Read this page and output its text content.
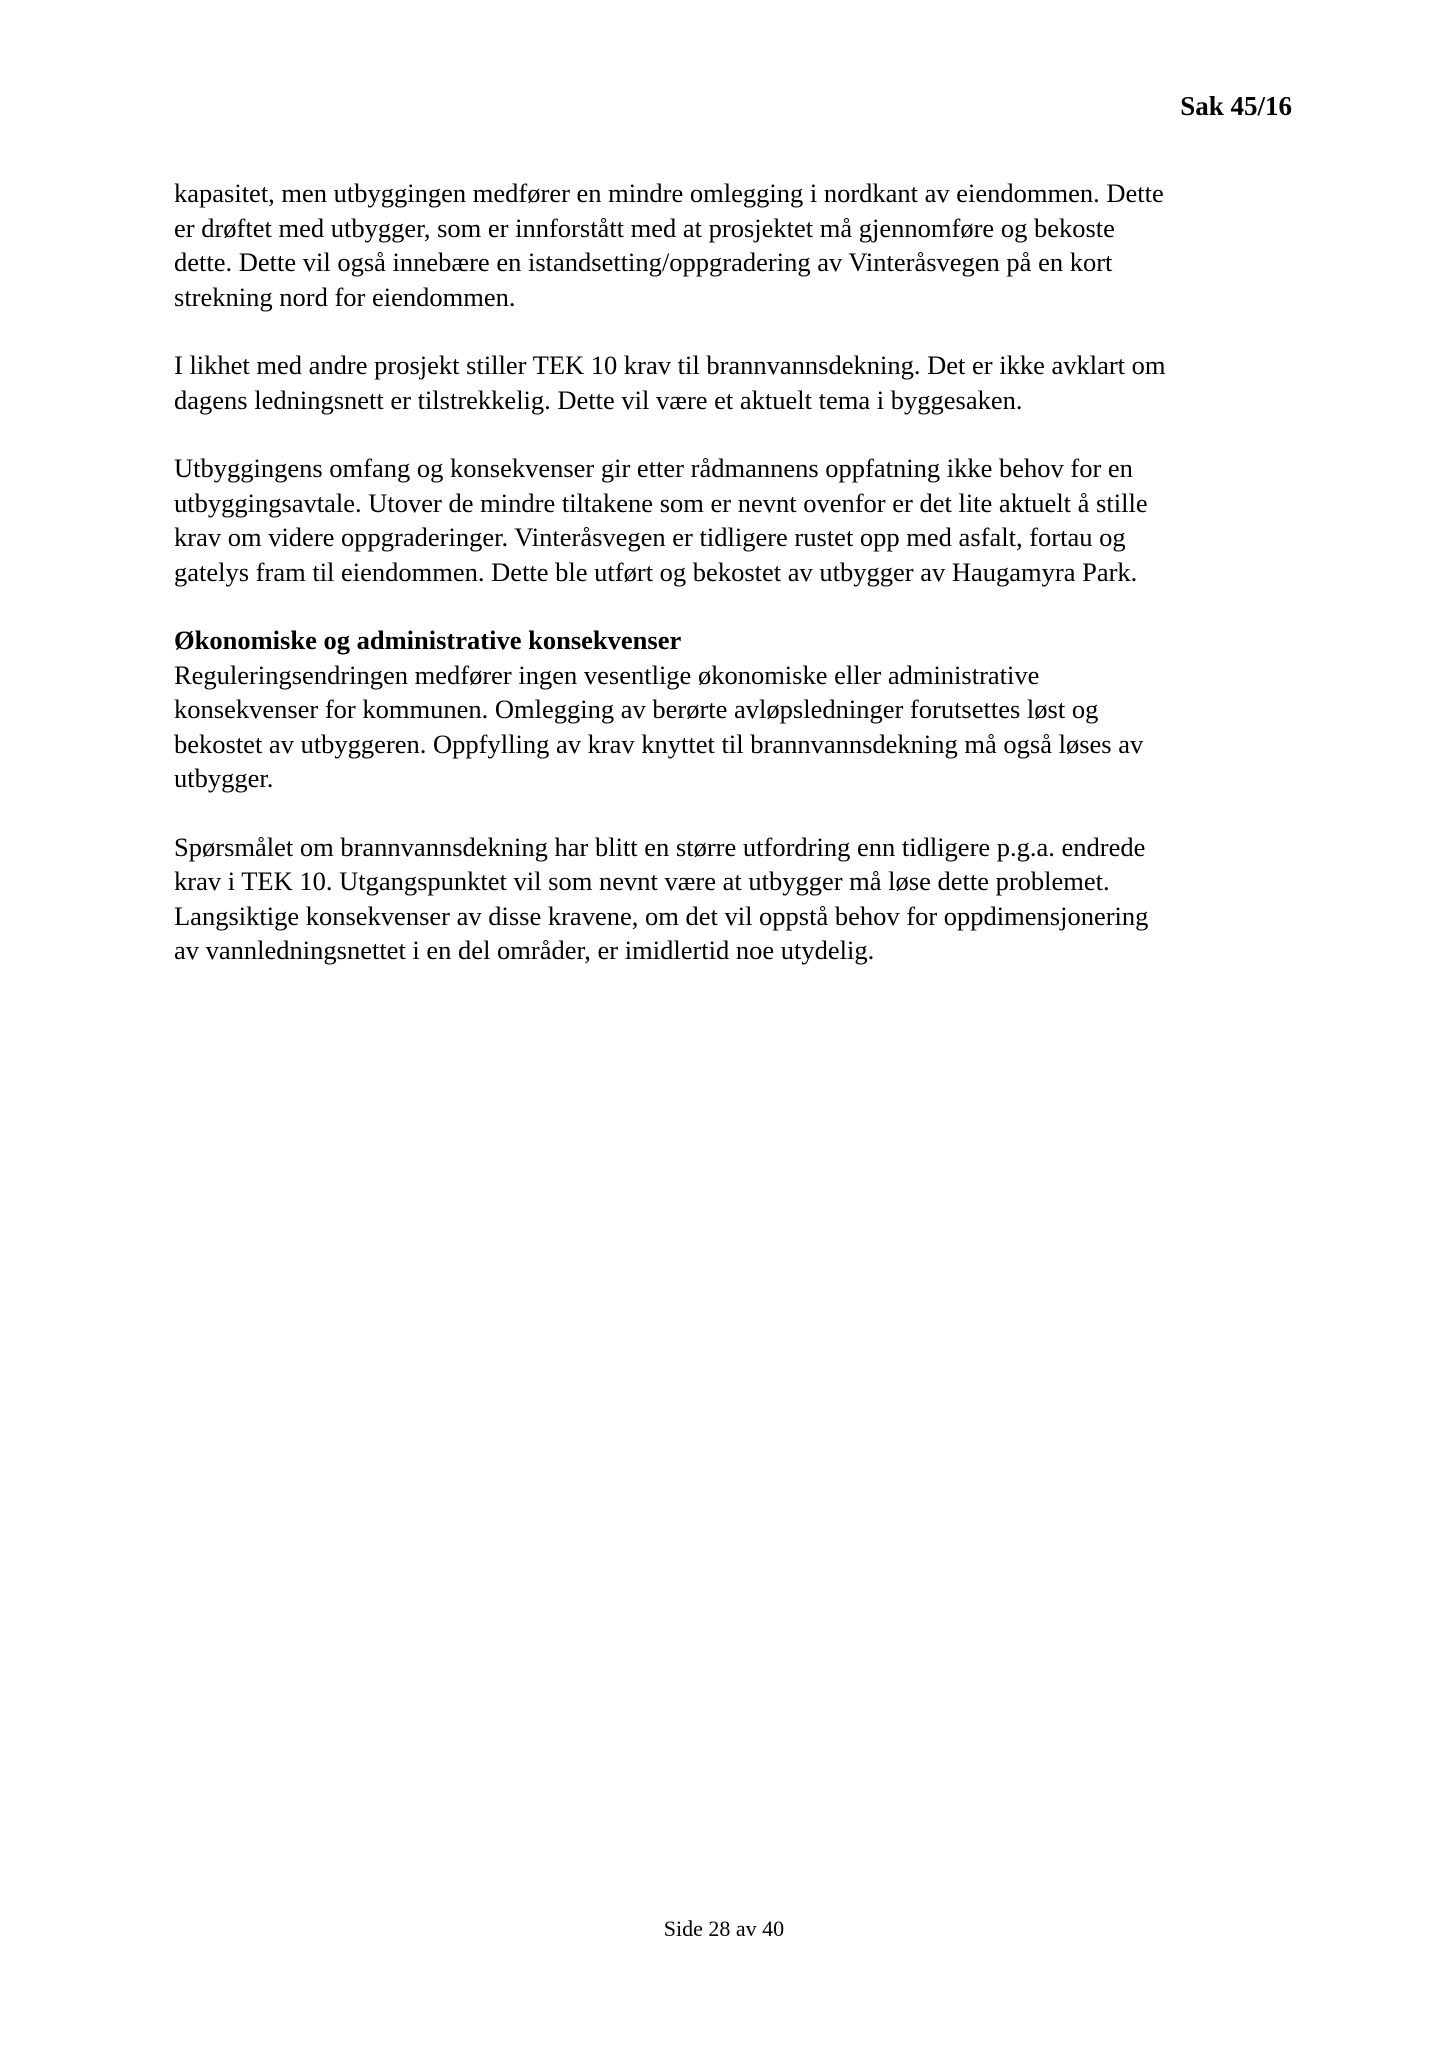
Sak 45/16

kapasitet, men utbyggingen medfører en mindre omlegging i nordkant av eiendommen. Dette
er drøftet med utbygger, som er innforstått med at prosjektet må gjennomføre og bekoste
dette. Dette vil også innebære en istandsetting/oppgradering av Vinteråsvegen på en kort
strekning nord for eiendommen.

I likhet med andre prosjekt stiller TEK 10 krav til brannvannsdekning. Det er ikke avklart om
dagens ledningsnett er tilstrekkelig. Dette vil være et aktuelt tema i byggesaken.

Utbyggingens omfang og konsekvenser gir etter rådmannens oppfatning ikke behov for en
utbyggingsavtale. Utover de mindre tiltakene som er nevnt ovenfor er det lite aktuelt å stille
krav om videre oppgraderinger. Vinteråsvegen er tidligere rustet opp med asfalt, fortau og
gatelys fram til eiendommen. Dette ble utført og bekostet av utbygger av Haugamyra Park.

Økonomiske og administrative konsekvenser

Reguleringsendringen medfører ingen vesentlige økonomiske eller administrative
konsekvenser for kommunen. Omlegging av berørte avløpsledninger forutsettes løst og
bekostet av utbyggeren. Oppfylling av krav knyttet til brannvannsdekning må også løses av
utbygger.

Spørsmålet om brannvannsdekning har blitt en større utfordring enn tidligere p.g.a. endrede
krav i TEK 10. Utgangspunktet vil som nevnt være at utbygger må løse dette problemet.
Langsiktige konsekvenser av disse kravene, om det vil oppstå behov for oppdimensjonering
av vannledningsnettet i en del områder, er imidlertid noe utydelig.

Side 28 av 40
